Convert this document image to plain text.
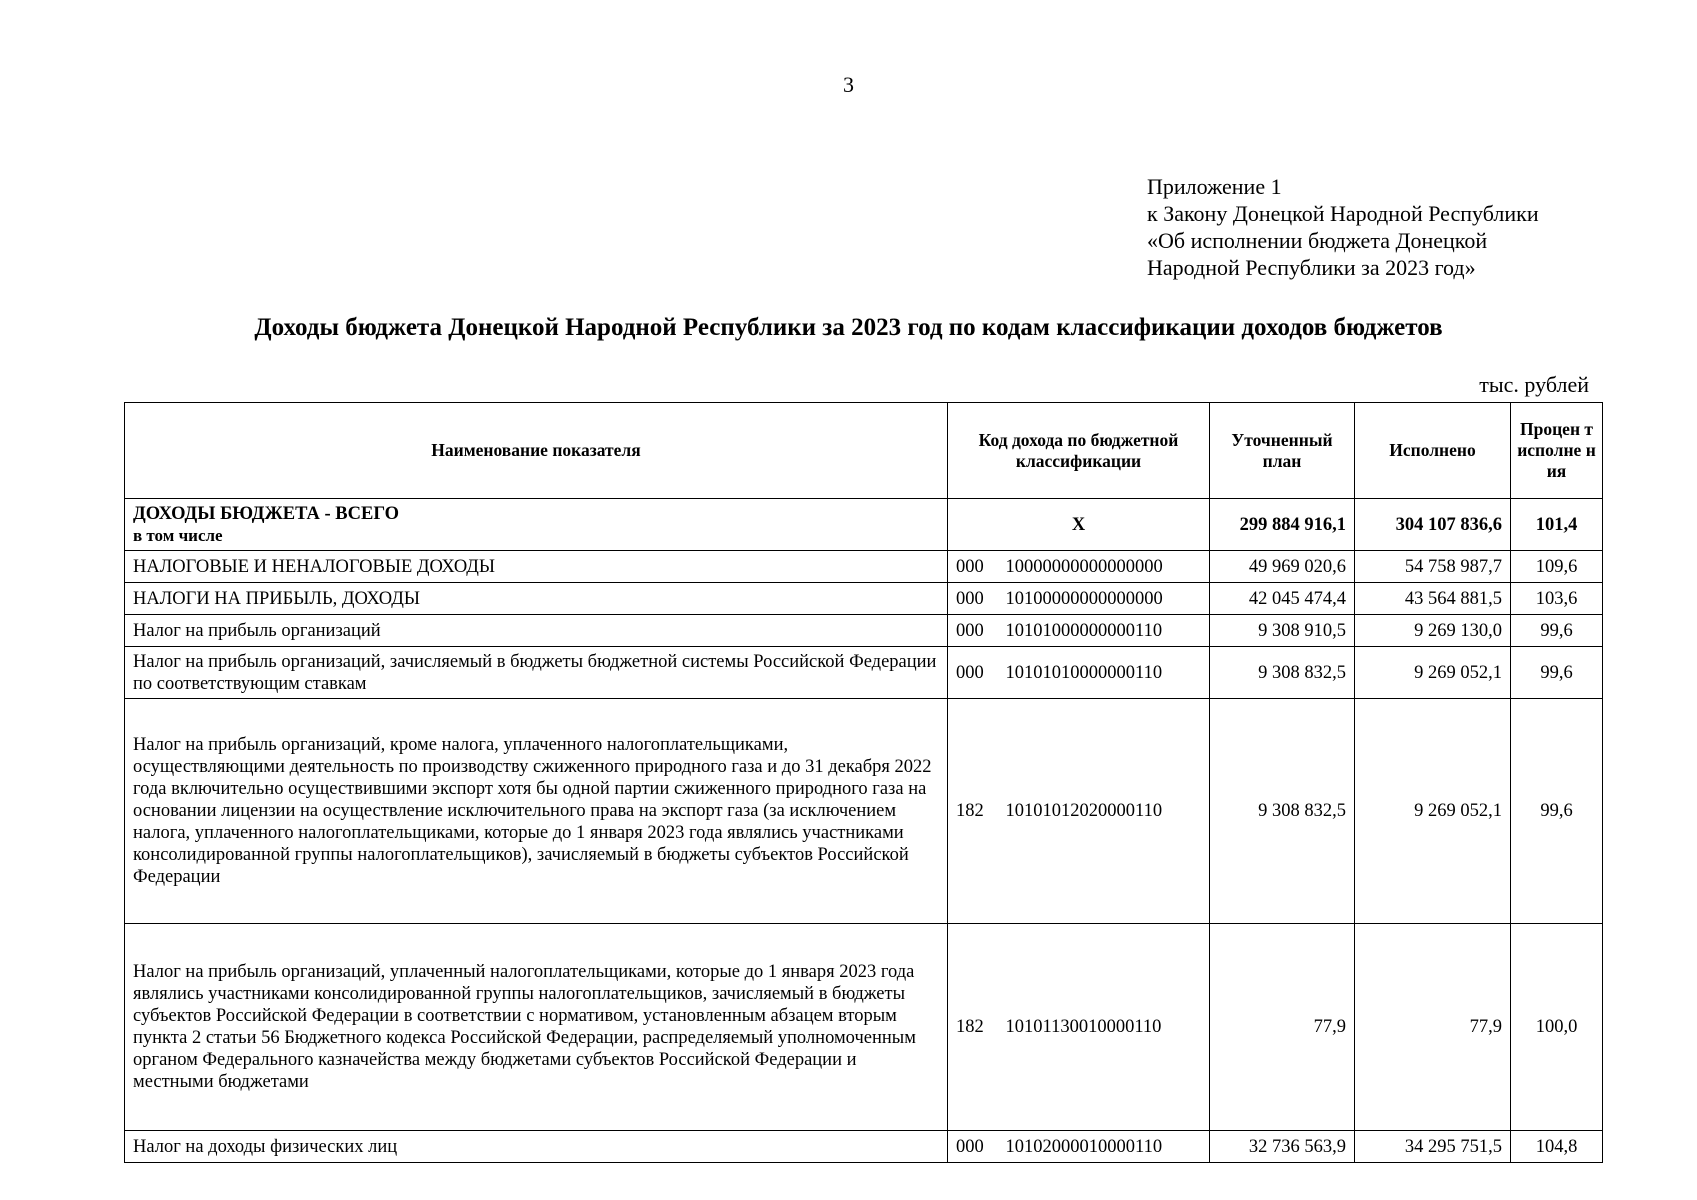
3
Приложение 1
к Закону Донецкой Народной Республики
«Об исполнении бюджета Донецкой
Народной Республики за 2023 год»
Доходы бюджета Донецкой Народной Республики за 2023 год по кодам классификации доходов бюджетов
тыс. рублей
Наименование показателя	Код дохода по бюджетной классификации		Уточненный план	Исполнено	Процен т исполне ния

ДОХОДЫ БЮДЖЕТА - ВСЕГО
в том числе	X		299 884 916,1	304 107 836,6	101,4
НАЛОГОВЫЕ И НЕНАЛОГОВЫЕ ДОХОДЫ	000	10000000000000000	49 969 020,6	54 758 987,7	109,6
НАЛОГИ НА ПРИБЫЛЬ, ДОХОДЫ	000	10100000000000000	42 045 474,4	43 564 881,5	103,6
Налог на прибыль организаций	000	10101000000000110	9 308 910,5	9 269 130,0	99,6
Налог на прибыль организаций, зачисляемый в бюджеты бюджетной системы Российской Федерации по соответствующим ставкам	000	10101010000000110	9 308 832,5	9 269 052,1	99,6
Налог на прибыль организаций, кроме налога, уплаченного налогоплательщиками, осуществляющими деятельность по производству сжиженного природного газа и до 31 декабря 2022 года включительно осуществившими экспорт хотя бы одной партии сжиженного природного газа на основании лицензии на осуществление исключительного права на экспорт газа (за исключением налога, уплаченного налогоплательщиками, которые до 1 января 2023 года являлись участниками консолидированной группы налогоплательщиков), зачисляемый в бюджеты субъектов Российской Федерации	182	10101012020000110	9 308 832,5	9 269 052,1	99,6
Налог на прибыль организаций, уплаченный налогоплательщиками, которые до 1 января 2023 года являлись участниками консолидированной группы налогоплательщиков, зачисляемый в бюджеты субъектов Российской Федерации в соответствии с нормативом, установленным абзацем вторым пункта 2 статьи 56 Бюджетного кодекса Российской Федерации, распределяемый уполномоченным органом Федерального казначейства между бюджетами субъектов Российской Федерации и местными бюджетами	182	10101130010000110	77,9	77,9	100,0
Налог на доходы физических лиц	000	10102000010000110	32 736 563,9	34 295 751,5	104,8
